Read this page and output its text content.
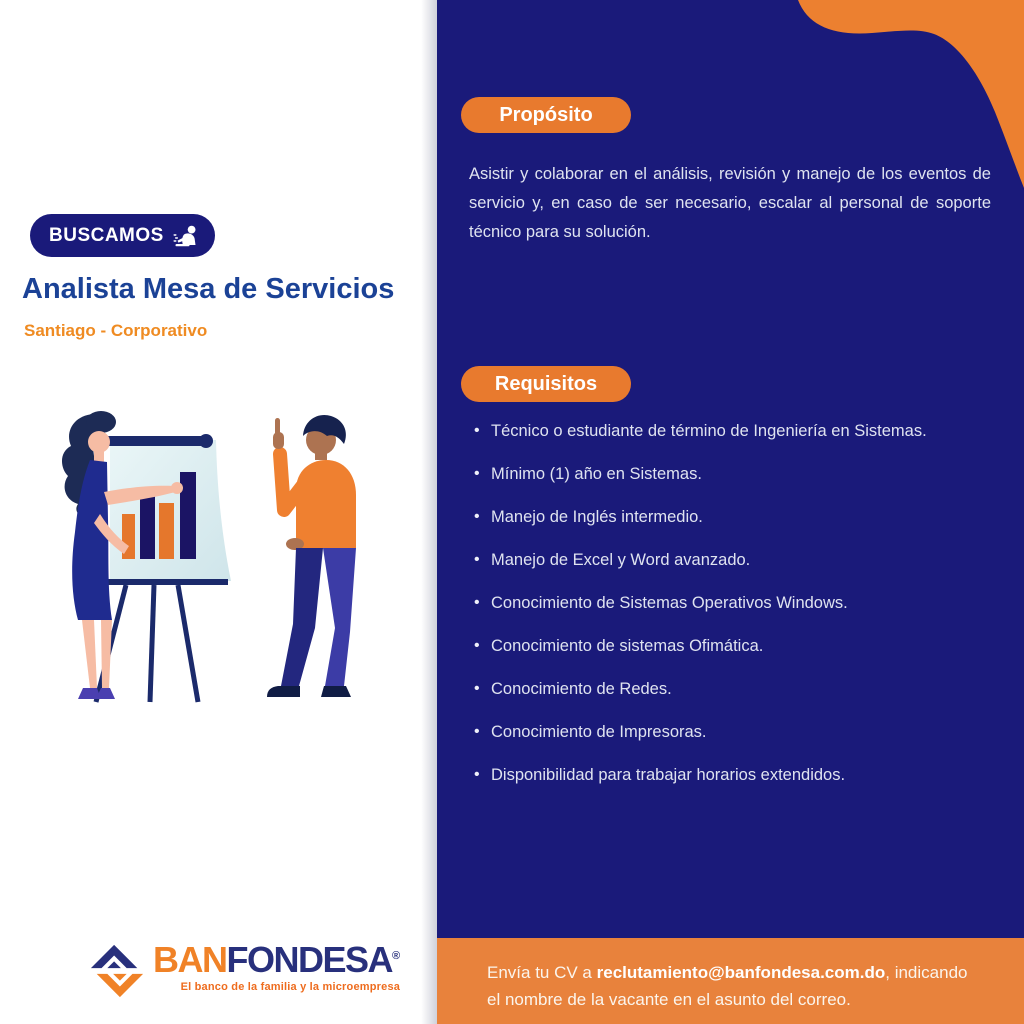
BUSCAMOS
Analista Mesa de Servicios
Santiago - Corporativo
BANFONDESA®
El banco de la familia y la microempresa
Propósito

Asistir y colaborar en el análisis, revisión y manejo de los eventos de servicio y, en caso de ser necesario, escalar al personal de soporte técnico para su solución.

Requisitos
• Técnico o estudiante de término de Ingeniería en Sistemas.
• Mínimo (1) año en Sistemas.
• Manejo de Inglés intermedio.
• Manejo de Excel y Word avanzado.
• Conocimiento de Sistemas Operativos Windows.
• Conocimiento de sistemas Ofimática.
• Conocimiento de Redes.
• Conocimiento de Impresoras.
• Disponibilidad para trabajar horarios extendidos.

Envía tu CV a reclutamiento@banfondesa.com.do, indicando el nombre de la vacante en el asunto del correo.
